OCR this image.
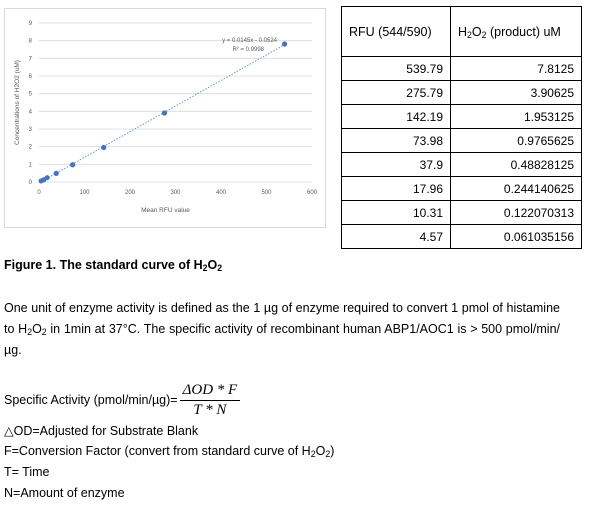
0
1
2
3
4
5
6
7
8
9
0	100	200	300	400	500	600
Mean RFU value
Concentrations of H2O2 (uM)
y = 0.0145x - 0.0524
R² = 0.9998
RFU (544/590)	$H_2O_2$ (product) uM
539.79	7.8125
275.79	3.90625
142.19	1.953125
73.98	0.9765625
37.9	0.48828125
17.96	0.244140625
10.31	0.122070313
4.57	0.061035156
Figure 1. The standard curve of $H_2O_2$

One unit of enzyme activity is defined as the 1 µg of enzyme required to convert 1 pmol of histamine to $H_2O_2$ in 1min at 37°C. The specific activity of recombinant human ABP1/AOC1 is > 500 pmol/min/µg.

Specific Activity (pmol/min/µg)= $\frac{\text{ΔOD * F}}{T * N}$
△OD=Adjusted for Substrate Blank
F=Conversion Factor (convert from standard curve of $H_2O_2$)
T= Time
N=Amount of enzyme
